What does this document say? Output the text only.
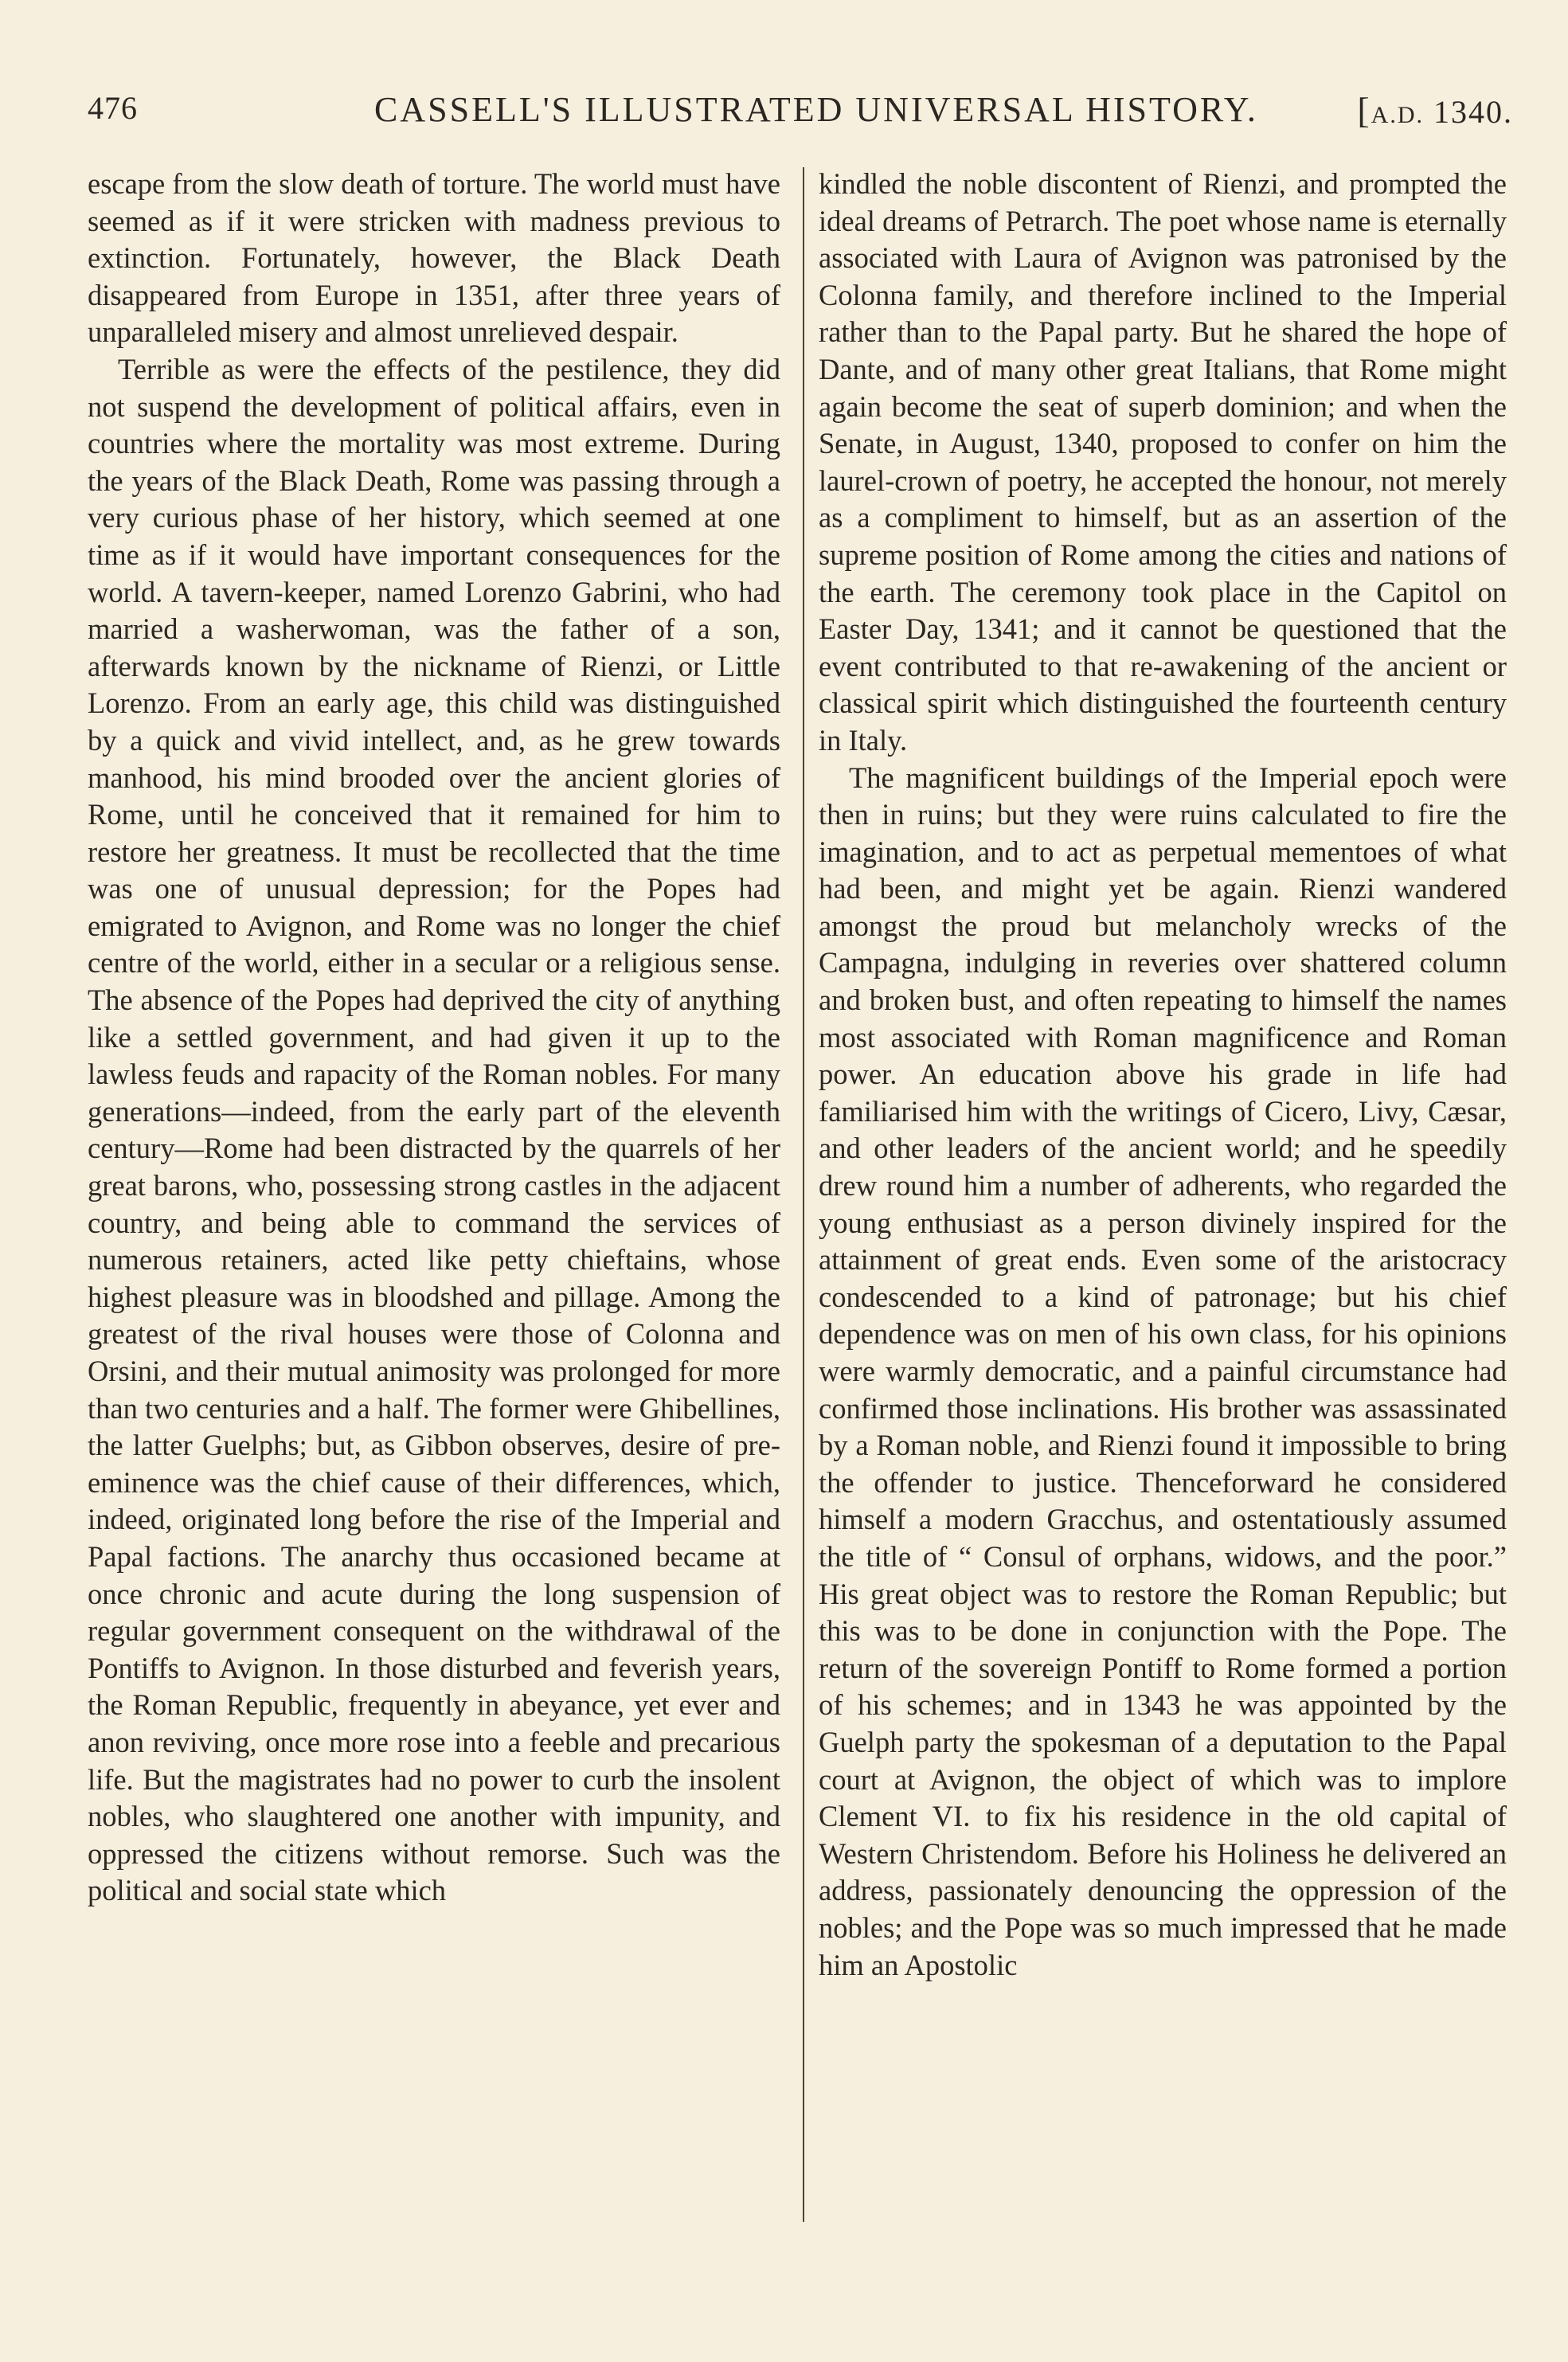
476	CASSELL'S ILLUSTRATED UNIVERSAL HISTORY.	[A.D. 1340.

escape from the slow death of torture. The world must have seemed as if it were stricken with madness previous to extinction. Fortunately, however, the Black Death disappeared from Europe in 1351, after three years of unparalleled misery and almost unrelieved despair.

Terrible as were the effects of the pestilence, they did not suspend the development of political affairs, even in countries where the mortality was most extreme. During the years of the Black Death, Rome was passing through a very curious phase of her history, which seemed at one time as if it would have important consequences for the world. A tavern-keeper, named Lorenzo Gabrini, who had married a washerwoman, was the father of a son, afterwards known by the nickname of Rienzi, or Little Lorenzo. From an early age, this child was distinguished by a quick and vivid intellect, and, as he grew towards manhood, his mind brooded over the ancient glories of Rome, until he conceived that it remained for him to restore her greatness. It must be recollected that the time was one of unusual depression; for the Popes had emigrated to Avignon, and Rome was no longer the chief centre of the world, either in a secular or a religious sense. The absence of the Popes had deprived the city of anything like a settled government, and had given it up to the lawless feuds and rapacity of the Roman nobles. For many generations—indeed, from the early part of the eleventh century—Rome had been distracted by the quarrels of her great barons, who, possessing strong castles in the adjacent country, and being able to command the services of numerous retainers, acted like petty chieftains, whose highest pleasure was in bloodshed and pillage. Among the greatest of the rival houses were those of Colonna and Orsini, and their mutual animosity was prolonged for more than two centuries and a half. The former were Ghibellines, the latter Guelphs; but, as Gibbon observes, desire of pre-eminence was the chief cause of their differences, which, indeed, originated long before the rise of the Imperial and Papal factions. The anarchy thus occasioned became at once chronic and acute during the long suspension of regular government consequent on the withdrawal of the Pontiffs to Avignon. In those disturbed and feverish years, the Roman Republic, frequently in abeyance, yet ever and anon reviving, once more rose into a feeble and precarious life. But the magistrates had no power to curb the insolent nobles, who slaughtered one another with impunity, and oppressed the citizens without remorse. Such was the political and social state which

kindled the noble discontent of Rienzi, and prompted the ideal dreams of Petrarch. The poet whose name is eternally associated with Laura of Avignon was patronised by the Colonna family, and therefore inclined to the Imperial rather than to the Papal party. But he shared the hope of Dante, and of many other great Italians, that Rome might again become the seat of superb dominion; and when the Senate, in August, 1340, proposed to confer on him the laurel-crown of poetry, he accepted the honour, not merely as a compliment to himself, but as an assertion of the supreme position of Rome among the cities and nations of the earth. The ceremony took place in the Capitol on Easter Day, 1341; and it cannot be questioned that the event contributed to that re-awakening of the ancient or classical spirit which distinguished the fourteenth century in Italy.

The magnificent buildings of the Imperial epoch were then in ruins; but they were ruins calculated to fire the imagination, and to act as perpetual mementoes of what had been, and might yet be again. Rienzi wandered amongst the proud but melancholy wrecks of the Campagna, indulging in reveries over shattered column and broken bust, and often repeating to himself the names most associated with Roman magnificence and Roman power. An education above his grade in life had familiarised him with the writings of Cicero, Livy, Cæsar, and other leaders of the ancient world; and he speedily drew round him a number of adherents, who regarded the young enthusiast as a person divinely inspired for the attainment of great ends. Even some of the aristocracy condescended to a kind of patronage; but his chief dependence was on men of his own class, for his opinions were warmly democratic, and a painful circumstance had confirmed those inclinations. His brother was assassinated by a Roman noble, and Rienzi found it impossible to bring the offender to justice. Thenceforward he considered himself a modern Gracchus, and ostentatiously assumed the title of “ Consul of orphans, widows, and the poor.” His great object was to restore the Roman Republic; but this was to be done in conjunction with the Pope. The return of the sovereign Pontiff to Rome formed a portion of his schemes; and in 1343 he was appointed by the Guelph party the spokesman of a deputation to the Papal court at Avignon, the object of which was to implore Clement VI. to fix his residence in the old capital of Western Christendom. Before his Holiness he delivered an address, passionately denouncing the oppression of the nobles; and the Pope was so much impressed that he made him an Apostolic
